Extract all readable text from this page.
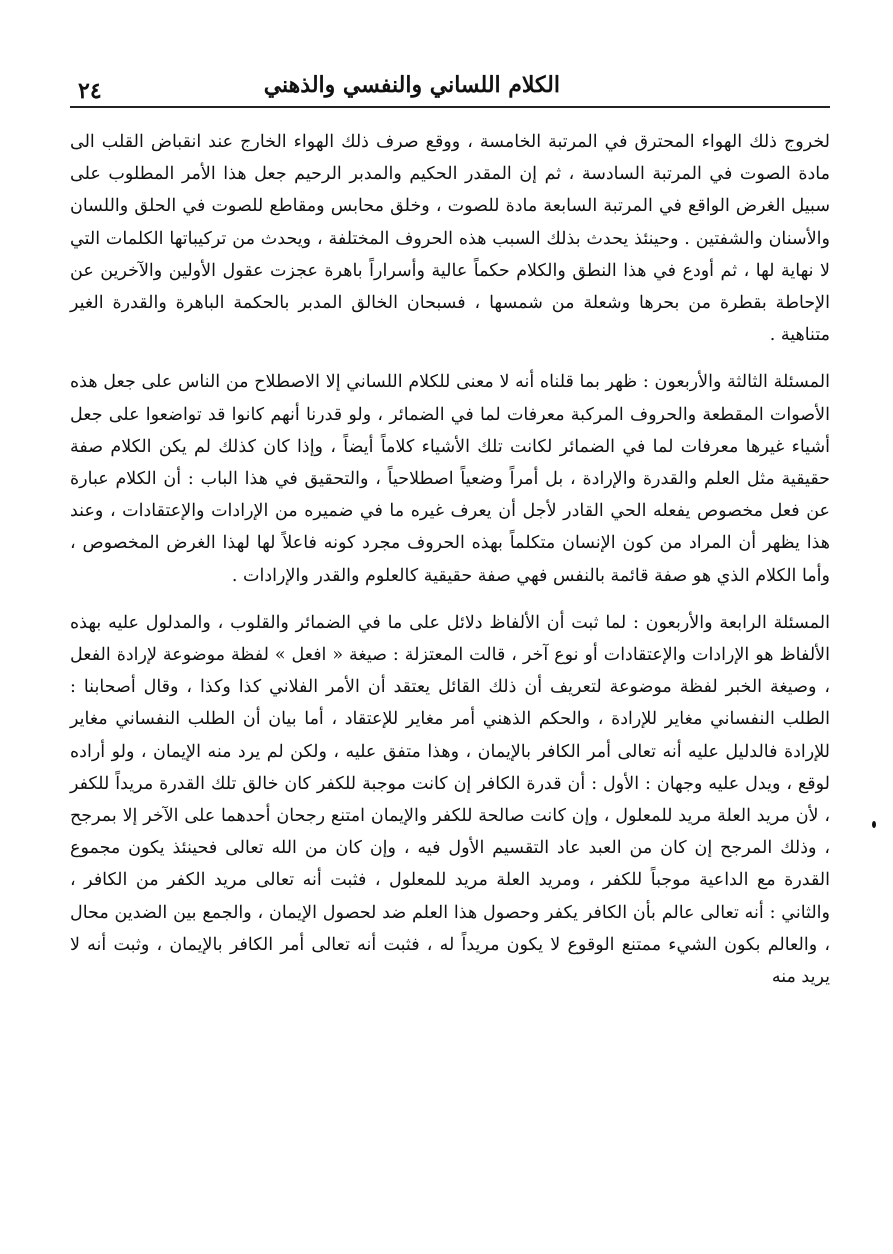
الكلام اللساني والنفسي والذهني
٢٤

لخروج ذلك الهواء المحترق في المرتبة الخامسة ، ووقع صرف ذلك الهواء الخارج عند انقباض القلب الى مادة الصوت في المرتبة السادسة ، ثم إن المقدر الحكيم والمدبر الرحيم جعل هذا الأمر المطلوب على سبيل الغرض الواقع في المرتبة السابعة مادة للصوت ، وخلق محابس ومقاطع للصوت في الحلق واللسان والأسنان والشفتين . وحينئذ يحدث بذلك السبب هذه الحروف المختلفة ، ويحدث من تركيباتها الكلمات التي لا نهاية لها ، ثم أودع في هذا النطق والكلام حكماً عالية وأسراراً باهرة عجزت عقول الأولين والآخرين عن الإحاطة بقطرة من بحرها وشعلة من شمسها ، فسبحان الخالق المدبر بالحكمة الباهرة والقدرة الغير متناهية .

المسئلة الثالثة والأربعون : ظهر بما قلناه أنه لا معنى للكلام اللساني إلا الاصطلاح من الناس على جعل هذه الأصوات المقطعة والحروف المركبة معرفات لما في الضمائر ، ولو قدرنا أنهم كانوا قد تواضعوا على جعل أشياء غيرها معرفات لما في الضمائر لكانت تلك الأشياء كلاماً أيضاً ، وإذا كان كذلك لم يكن الكلام صفة حقيقية مثل العلم والقدرة والإرادة ، بل أمراً وضعياً اصطلاحياً ، والتحقيق في هذا الباب : أن الكلام عبارة عن فعل مخصوص يفعله الحي القادر لأجل أن يعرف غيره ما في ضميره من الإرادات والإعتقادات ، وعند هذا يظهر أن المراد من كون الإنسان متكلماً بهذه الحروف مجرد كونه فاعلاً لها لهذا الغرض المخصوص ، وأما الكلام الذي هو صفة قائمة بالنفس فهي صفة حقيقية كالعلوم والقدر والإرادات .

المسئلة الرابعة والأربعون : لما ثبت أن الألفاظ دلائل على ما في الضمائر والقلوب ، والمدلول عليه بهذه الألفاظ هو الإرادات والإعتقادات أو نوع آخر ، قالت المعتزلة : صيغة « افعل » لفظة موضوعة لإرادة الفعل ، وصيغة الخبر لفظة موضوعة لتعريف أن ذلك القائل يعتقد أن الأمر الفلاني كذا وكذا ، وقال أصحابنا : الطلب النفساني مغاير للإرادة ، والحكم الذهني أمر مغاير للإعتقاد ، أما بيان أن الطلب النفساني مغاير للإرادة فالدليل عليه أنه تعالى أمر الكافر بالإيمان ، وهذا متفق عليه ، ولكن لم يرد منه الإيمان ، ولو أراده لوقع ، ويدل عليه وجهان : الأول : أن قدرة الكافر إن كانت موجبة للكفر كان خالق تلك القدرة مريداً للكفر ، لأن مريد العلة مريد للمعلول ، وإن كانت صالحة للكفر والإيمان امتنع رجحان أحدهما على الآخر إلا بمرجح ، وذلك المرجح إن كان من العبد عاد التقسيم الأول فيه ، وإن كان من الله تعالى فحينئذ يكون مجموع القدرة مع الداعية موجباً للكفر ، ومريد العلة مريد للمعلول ، فثبت أنه تعالى مريد الكفر من الكافر ، والثاني : أنه تعالى عالم بأن الكافر يكفر وحصول هذا العلم ضد لحصول الإيمان ، والجمع بين الضدين محال ، والعالم بكون الشيء ممتنع الوقوع لا يكون مريداً له ، فثبت أنه تعالى أمر الكافر بالإيمان ، وثبت أنه لا يريد منه
